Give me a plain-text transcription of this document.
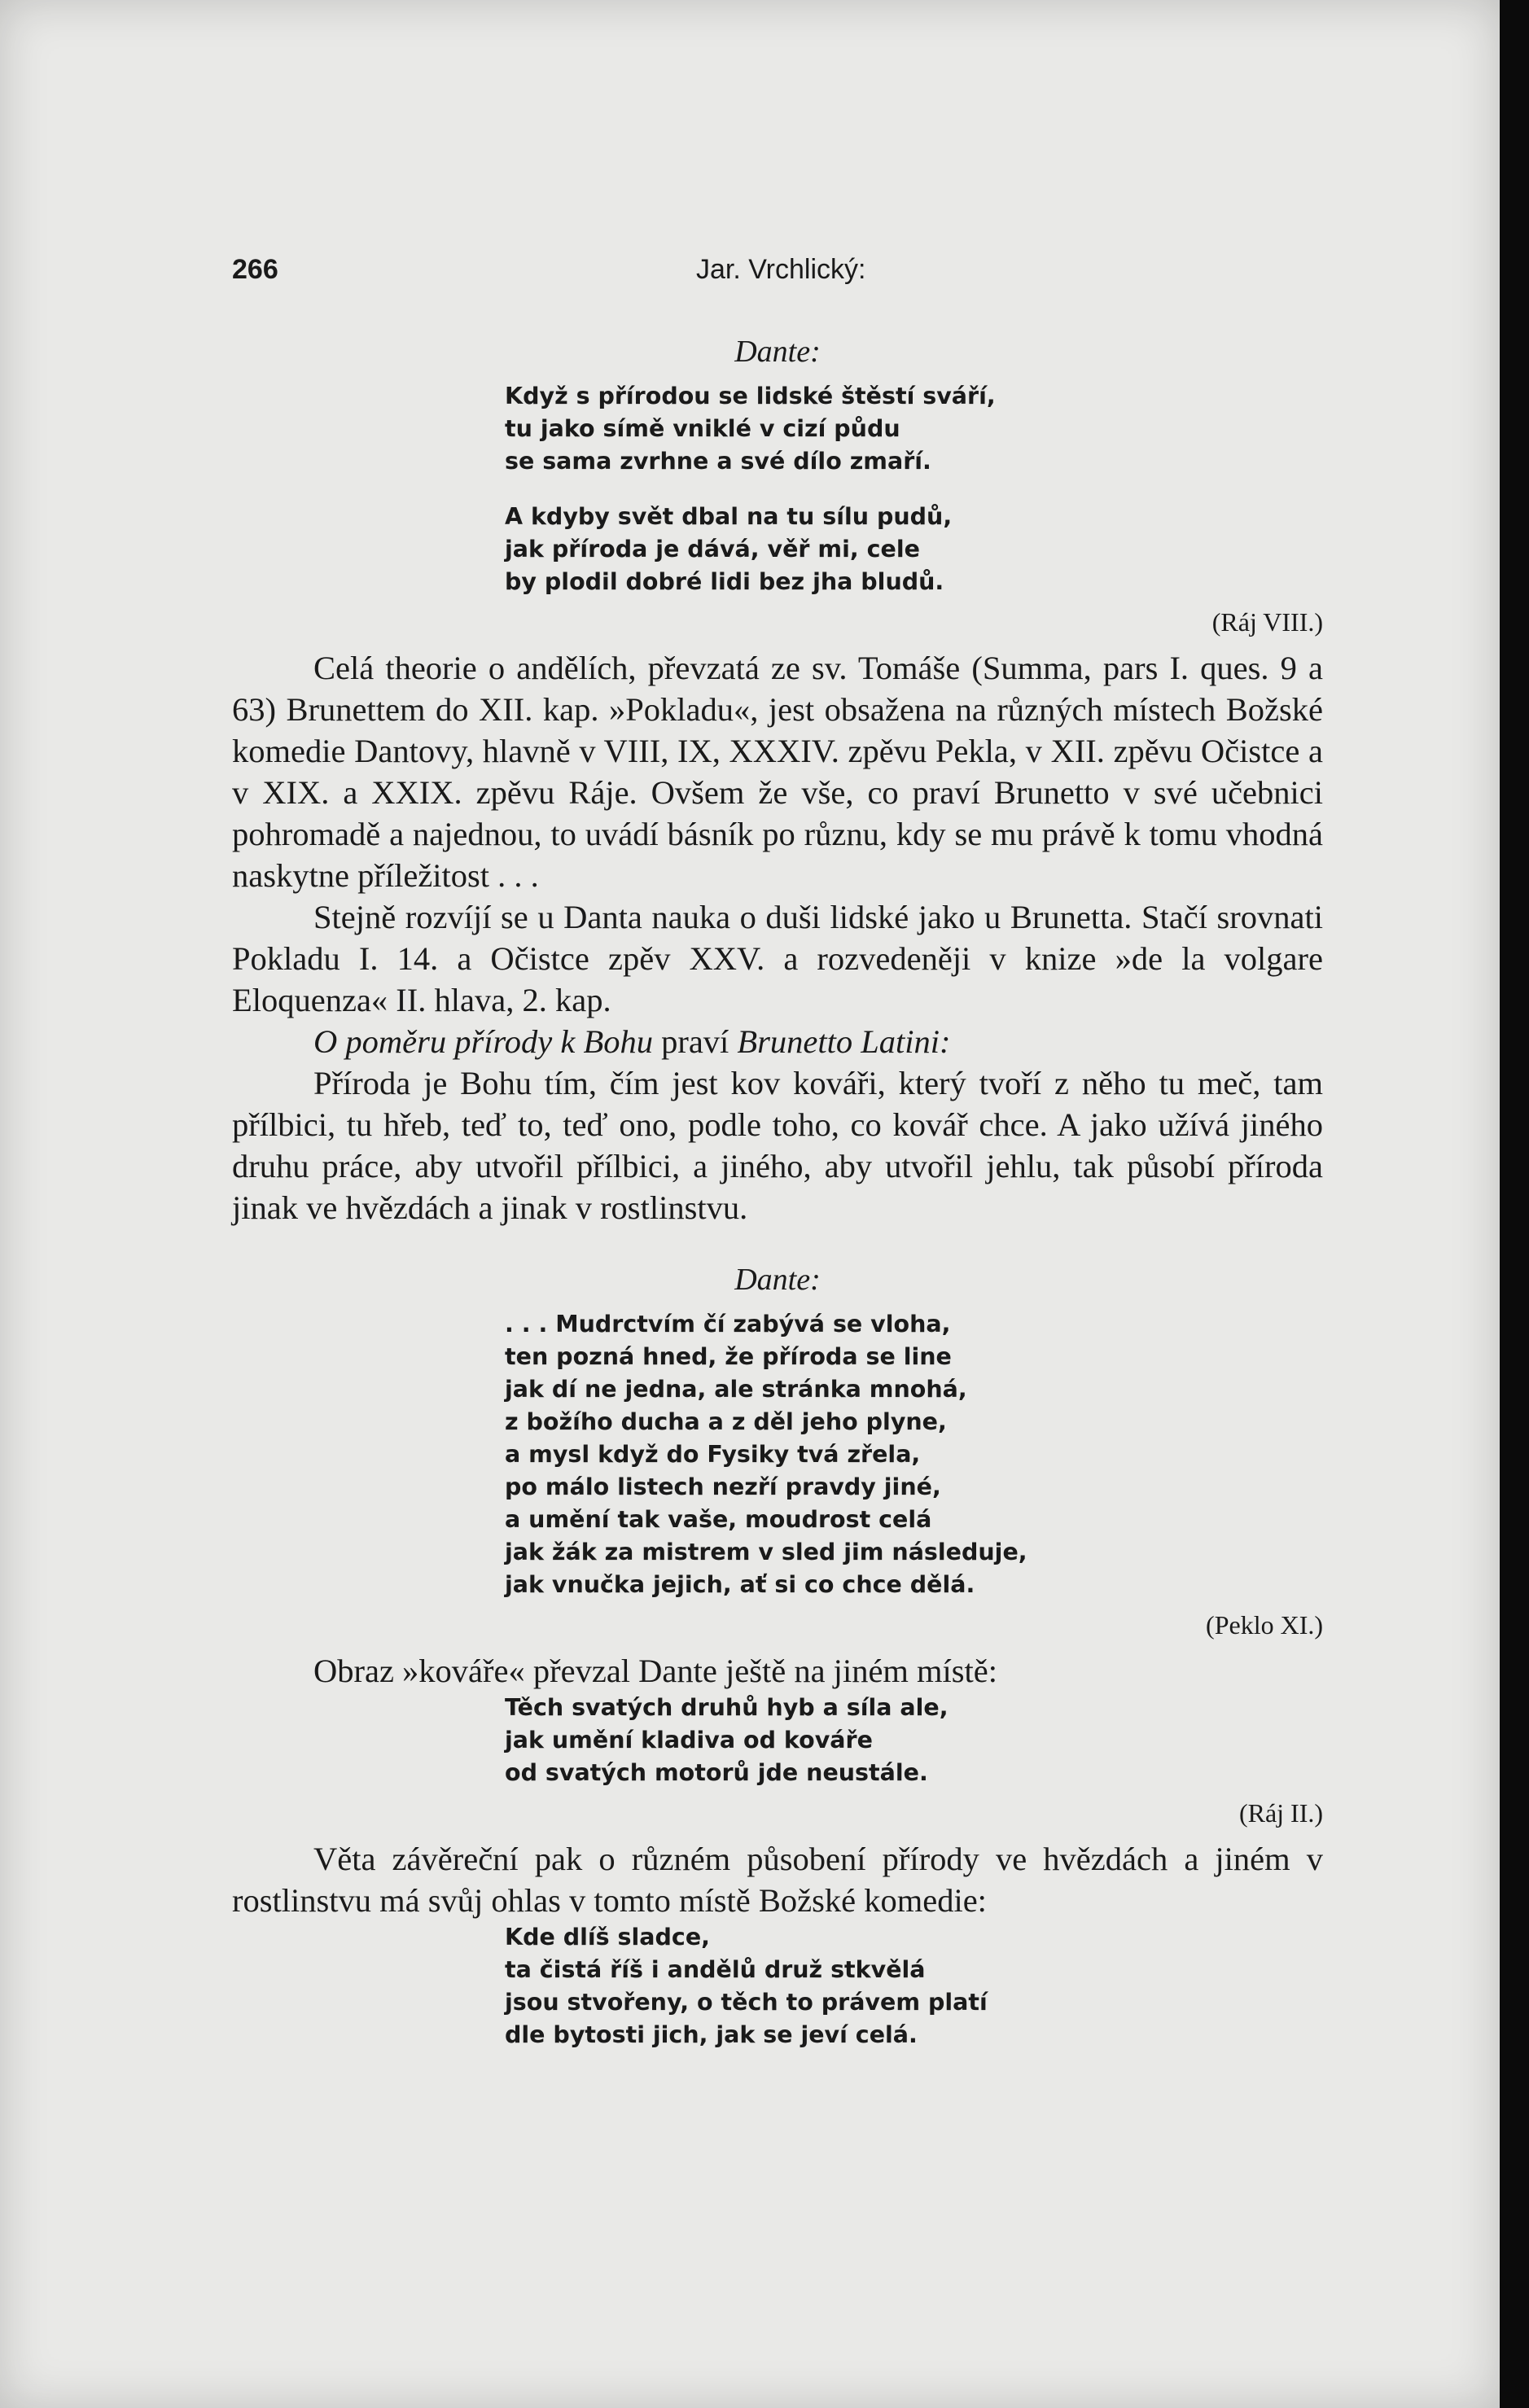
266	Jar. Vrchlický:
Dante:
Když s přírodou se lidské štěstí sváří,
tu jako símě vniklé v cizí půdu
se sama zvrhne a své dílo zmaří.
A kdyby svět dbal na tu sílu pudů,
jak příroda je dává, věř mi, cele
by plodil dobré lidi bez jha bludů.
(Ráj VIII.)

Celá theorie o andělích, převzatá ze sv. Tomáše (Summa, pars I. ques. 9 a 63) Brunettem do XII. kap. »Pokladu«, jest obsažena na různých místech Božské komedie Dantovy, hlavně v VIII, IX, XXXIV. zpěvu Pekla, v XII. zpěvu Očistce a v XIX. a XXIX. zpěvu Ráje. Ovšem že vše, co praví Brunetto v své učebnici pohromadě a najednou, to uvádí básník po různu, kdy se mu právě k tomu vhodná naskytne příležitost . . .

Stejně rozvíjí se u Danta nauka o duši lidské jako u Brunetta. Stačí srovnati Pokladu I. 14. a Očistce zpěv XXV. a rozvedeněji v knize »de la volgare Eloquenza« II. hlava, 2. kap.

O poměru přírody k Bohu praví Brunetto Latini:

Příroda je Bohu tím, čím jest kov kováři, který tvoří z něho tu meč, tam přílbici, tu hřeb, teď to, teď ono, podle toho, co kovář chce. A jako užívá jiného druhu práce, aby utvořil přílbici, a jiného, aby utvořil jehlu, tak působí příroda jinak ve hvězdách a jinak v rostlinstvu.

Dante:
. . . Mudrctvím čí zabývá se vloha,
ten pozná hned, že příroda se line
jak dí ne jedna, ale stránka mnohá,
z božího ducha a z děl jeho plyne,
a mysl když do Fysiky tvá zřela,
po málo listech nezří pravdy jiné,
a umění tak vaše, moudrost celá
jak žák za mistrem v sled jim následuje,
jak vnučka jejich, ať si co chce dělá.
(Peklo XI.)

Obraz »kováře« převzal Dante ještě na jiném místě:

Těch svatých druhů hyb a síla ale,
jak umění kladiva od kováře
od svatých motorů jde neustále.
(Ráj II.)

Věta závěreční pak o různém působení přírody ve hvězdách a jiném v rostlinstvu má svůj ohlas v tomto místě Božské komedie:

Kde dlíš sladce,
ta čistá říš i andělů druž stkvělá
jsou stvořeny, o těch to právem platí
dle bytosti jich, jak se jeví celá.
